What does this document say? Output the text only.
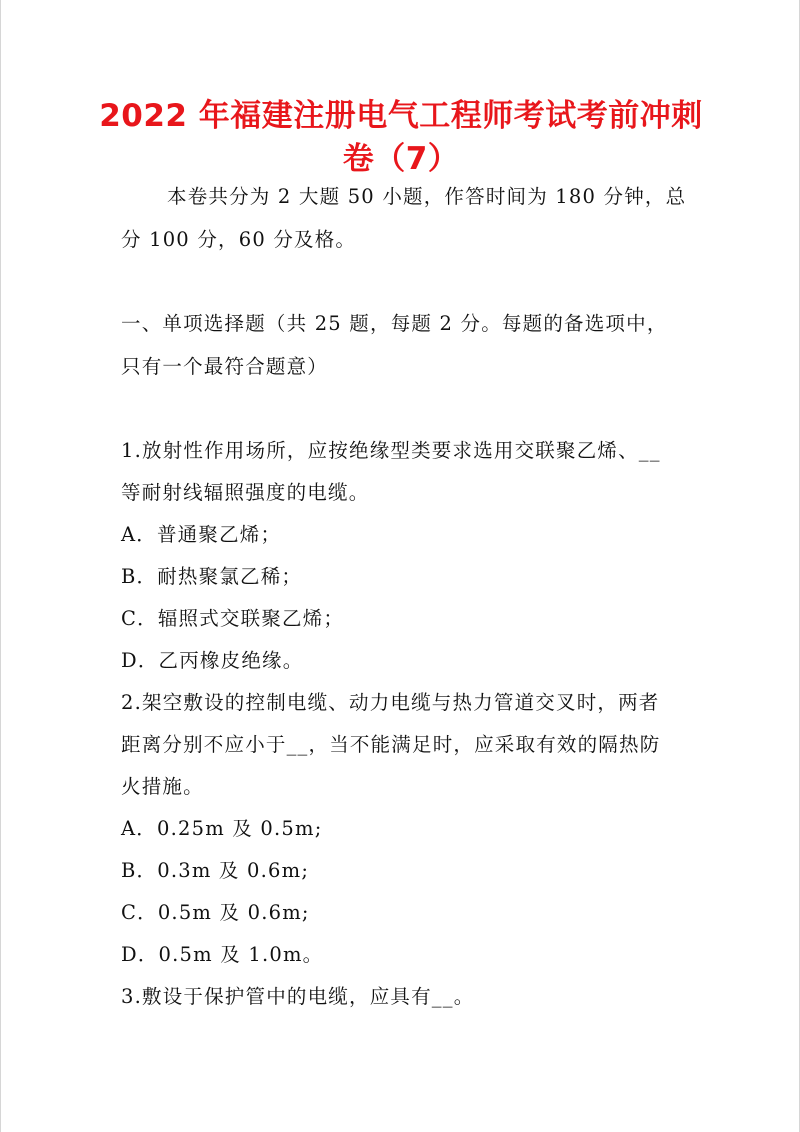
2022 年福建注册电气工程师考试考前冲刺
卷（7）
本卷共分为 2 大题 50 小题，作答时间为 180 分钟，总
分 100 分，60 分及格。
一、单项选择题（共 25 题，每题 2 分。每题的备选项中，
只有一个最符合题意）
1.放射性作用场所，应按绝缘型类要求选用交联聚乙烯、__
等耐射线辐照强度的电缆。
A．普通聚乙烯；
B．耐热聚氯乙稀；
C．辐照式交联聚乙烯；
D．乙丙橡皮绝缘。
2.架空敷设的控制电缆、动力电缆与热力管道交叉时，两者
距离分别不应小于__，当不能满足时，应采取有效的隔热防
火措施。
A．0.25m 及 0.5m;
B．0.3m 及 0.6m;
C．0.5m 及 0.6m;
D．0.5m 及 1.0m。
3.敷设于保护管中的电缆，应具有__。
